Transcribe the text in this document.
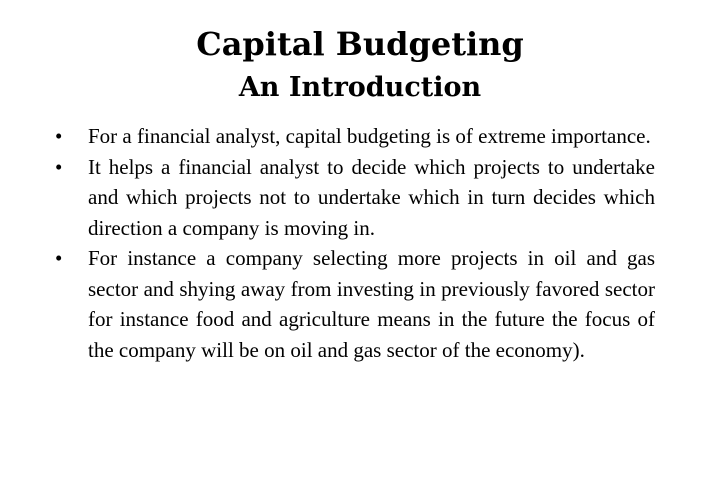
Capital Budgeting
An Introduction
•	For a financial analyst, capital budgeting is of extreme importance.
•	It helps a financial analyst to decide which projects to undertake and which projects not to undertake which in turn decides which direction a company is moving in.
•	For instance a company selecting more projects in oil and gas sector and shying away from investing in previously favored sector for instance food and agriculture means in the future the focus of the company will be on oil and gas sector of the economy).
